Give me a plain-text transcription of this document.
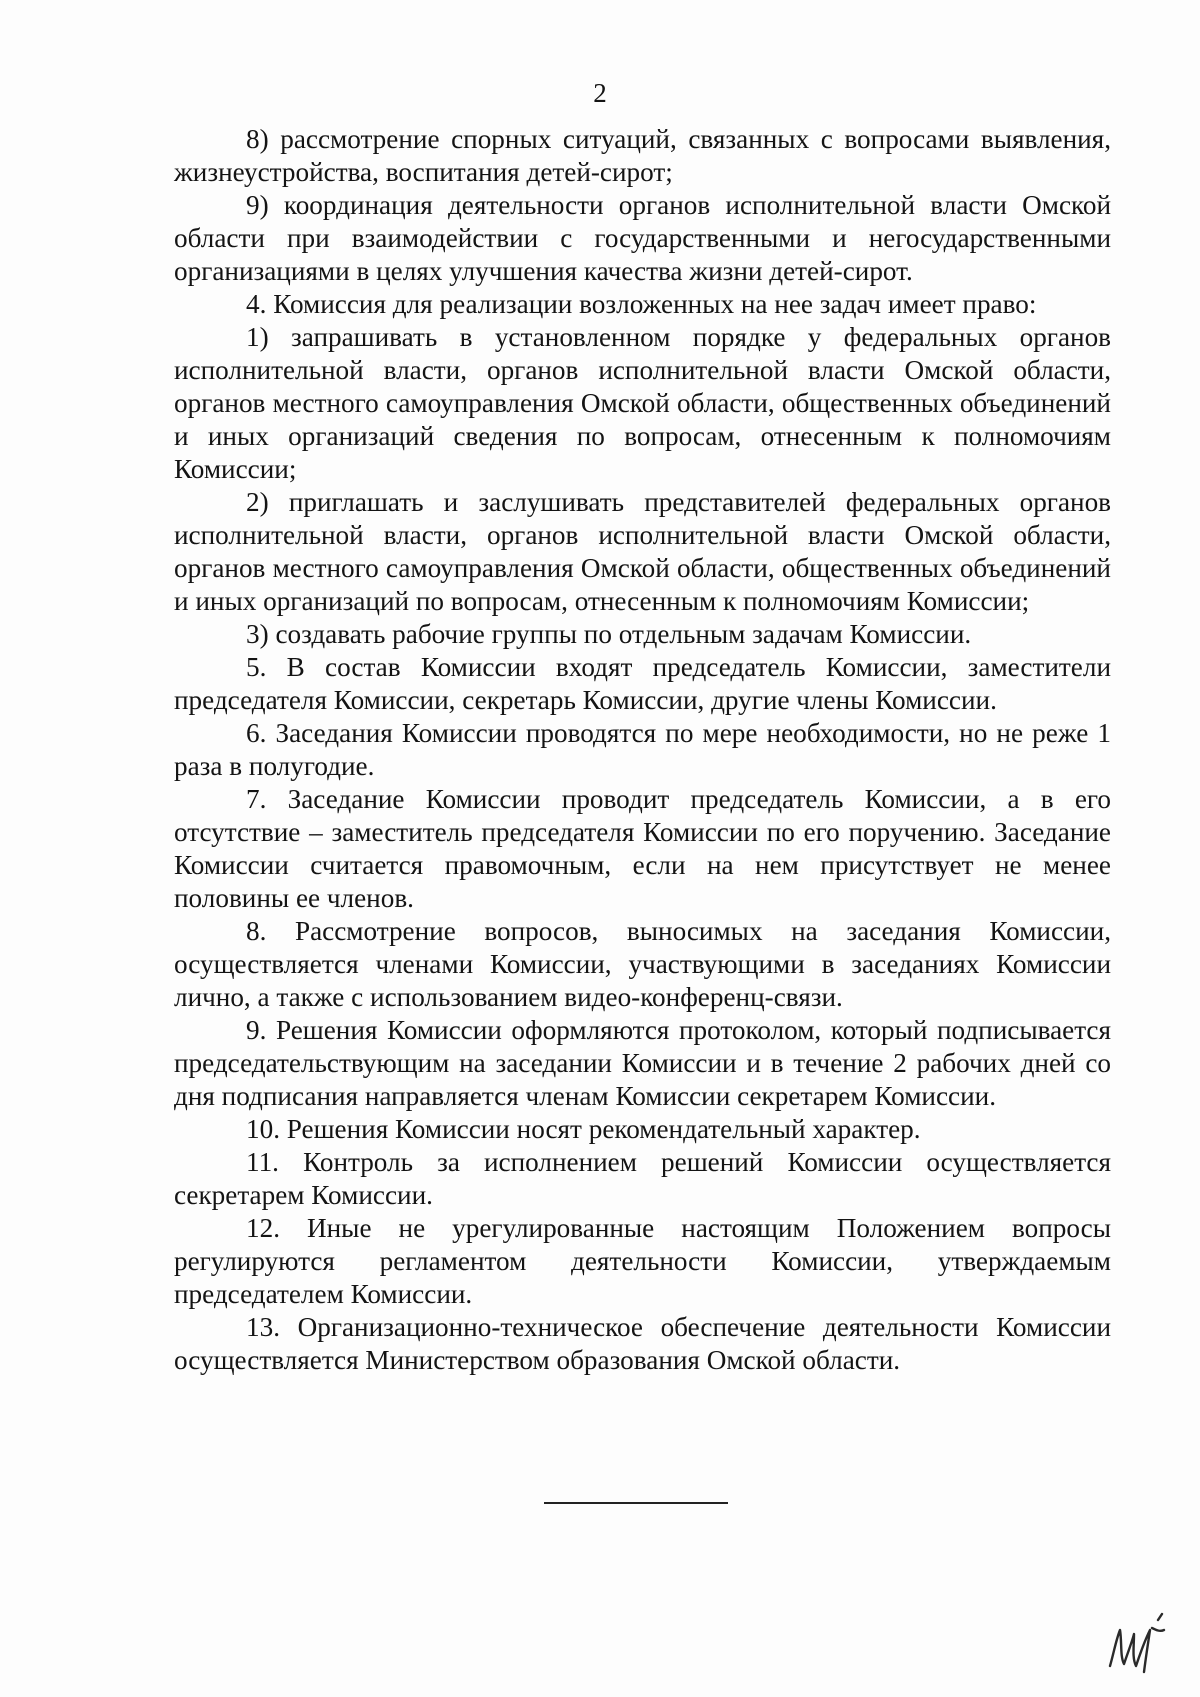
2

8) рассмотрение спорных ситуаций, связанных с вопросами выявления, жизнеустройства, воспитания детей-сирот;

9) координация деятельности органов исполнительной власти Омской области при взаимодействии с государственными и негосударственными организациями в целях улучшения качества жизни детей-сирот.

4. Комиссия для реализации возложенных на нее задач имеет право:

1) запрашивать в установленном порядке у федеральных органов исполнительной власти, органов исполнительной власти Омской области, органов местного самоуправления Омской области, общественных объединений и иных организаций сведения по вопросам, отнесенным к полномочиям Комиссии;

2) приглашать и заслушивать представителей федеральных органов исполнительной власти, органов исполнительной власти Омской области, органов местного самоуправления Омской области, общественных объединений и иных организаций по вопросам, отнесенным к полномочиям Комиссии;

3) создавать рабочие группы по отдельным задачам Комиссии.

5. В состав Комиссии входят председатель Комиссии, заместители председателя Комиссии, секретарь Комиссии, другие члены Комиссии.

6. Заседания Комиссии проводятся по мере необходимости, но не реже 1 раза в полугодие.

7. Заседание Комиссии проводит председатель Комиссии, а в его отсутствие – заместитель председателя Комиссии по его поручению. Заседание Комиссии считается правомочным, если на нем присутствует не менее половины ее членов.

8. Рассмотрение вопросов, выносимых на заседания Комиссии, осуществляется членами Комиссии, участвующими в заседаниях Комиссии лично, а также с использованием видео-конференц-связи.

9. Решения Комиссии оформляются протоколом, который подписывается председательствующим на заседании Комиссии и в течение 2 рабочих дней со дня подписания направляется членам Комиссии секретарем Комиссии.

10. Решения Комиссии носят рекомендательный характер.

11. Контроль за исполнением решений Комиссии осуществляется секретарем Комиссии.

12. Иные не урегулированные настоящим Положением вопросы регулируются регламентом деятельности Комиссии, утверждаемым председателем Комиссии.

13. Организационно-техническое обеспечение деятельности Комиссии осуществляется Министерством образования Омской области.
